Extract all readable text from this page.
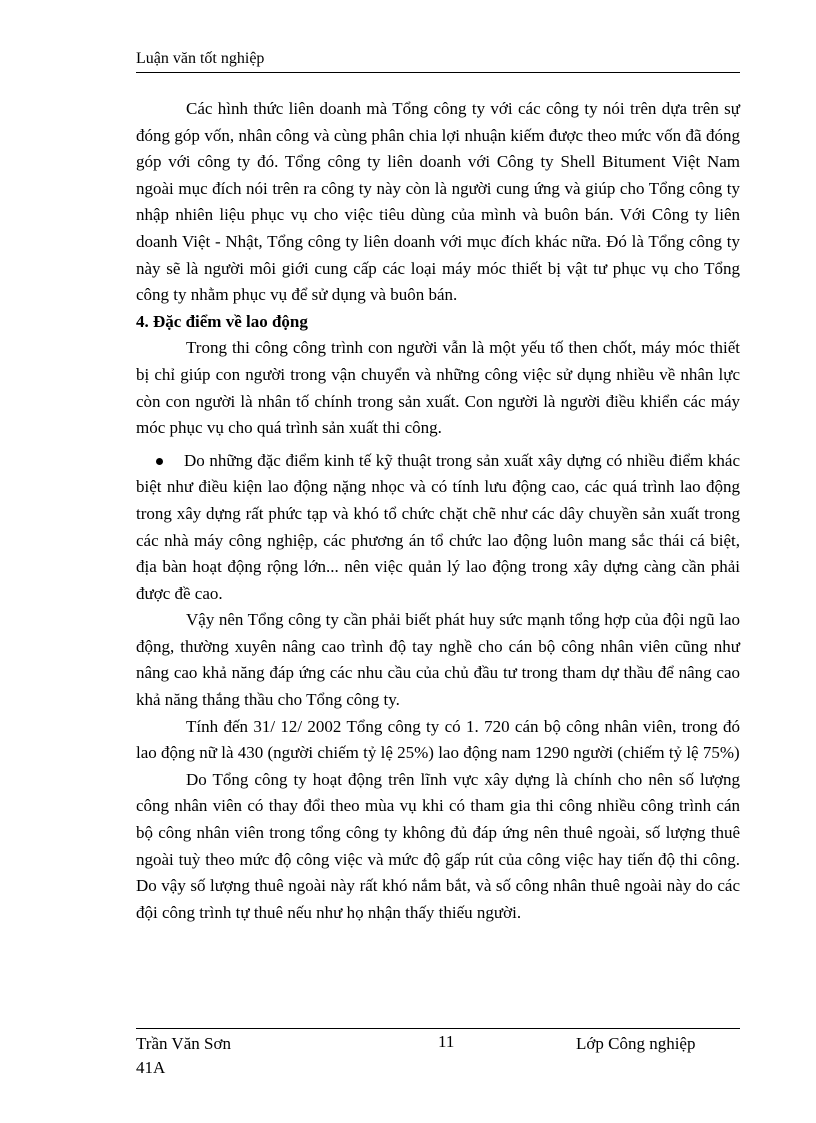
Luận văn tốt nghiệp

Các hình thức liên doanh mà Tổng công ty với các công ty nói trên dựa trên sự đóng góp vốn, nhân công và cùng phân chia lợi nhuận kiếm được theo mức vốn đã đóng góp với công ty đó. Tổng công ty liên doanh với Công ty Shell Bitument Việt Nam ngoài mục đích nói trên ra công ty này còn là người cung ứng và giúp cho Tổng công ty nhập nhiên liệu phục vụ cho việc tiêu dùng của mình và buôn bán. Với Công ty liên doanh Việt - Nhật, Tổng công ty liên doanh với mục đích khác nữa. Đó là Tổng công ty này sẽ là người môi giới cung cấp các loại máy móc thiết bị vật tư phục vụ cho Tổng công ty nhằm phục vụ để sử dụng và buôn bán.

4. Đặc điểm về lao động

Trong thi công công trình con người vẫn là một yếu tố then chốt, máy móc thiết bị chỉ giúp con người trong vận chuyển và những công việc sử dụng nhiều về nhân lực còn con người là nhân tố chính trong sản xuất. Con người là người điều khiển các máy móc phục vụ cho quá trình sản xuất thi công.

Do những đặc điểm kinh tế kỹ thuật trong sản xuất xây dựng có nhiều điểm khác biệt như điều kiện lao động nặng nhọc và có tính lưu động cao, các quá trình lao động trong xây dựng rất phức tạp và khó tổ chức chặt chẽ như các dây chuyền sản xuất trong các nhà máy công nghiệp, các phương án tổ chức lao động luôn mang sắc thái cá biệt, địa bàn hoạt động rộng lớn... nên việc quản lý lao động trong xây dựng càng cần phải được đề cao.

Vậy nên Tổng công ty cần phải biết phát huy sức mạnh tổng hợp của đội ngũ lao động, thường xuyên nâng cao trình độ tay nghề cho cán bộ công nhân viên cũng như nâng cao khả năng đáp ứng các nhu cầu của chủ đầu tư trong tham dự thầu để nâng cao khả năng thắng thầu cho Tổng công ty.

Tính đến 31/ 12/ 2002 Tổng công ty có 1. 720 cán bộ công nhân viên, trong đó lao động nữ là 430 (người chiếm tỷ lệ 25%) lao động nam 1290 người (chiếm tỷ lệ 75%)

Do Tổng công ty hoạt động trên lĩnh vực xây dựng là chính cho nên số lượng công nhân viên có thay đổi theo mùa vụ khi có tham gia thi công nhiều công trình cán bộ công nhân viên trong tổng công ty không đủ đáp ứng nên thuê ngoài, số lượng thuê ngoài tuỳ theo mức độ công việc và mức độ gấp rút của công việc hay tiến độ thi công. Do vậy số lượng thuê ngoài này rất khó nắm bắt, và số công nhân thuê ngoài này do các đội công trình tự thuê nếu như họ nhận thấy thiếu người.

Trần Văn Sơn	11	Lớp Công nghiệp
41A
